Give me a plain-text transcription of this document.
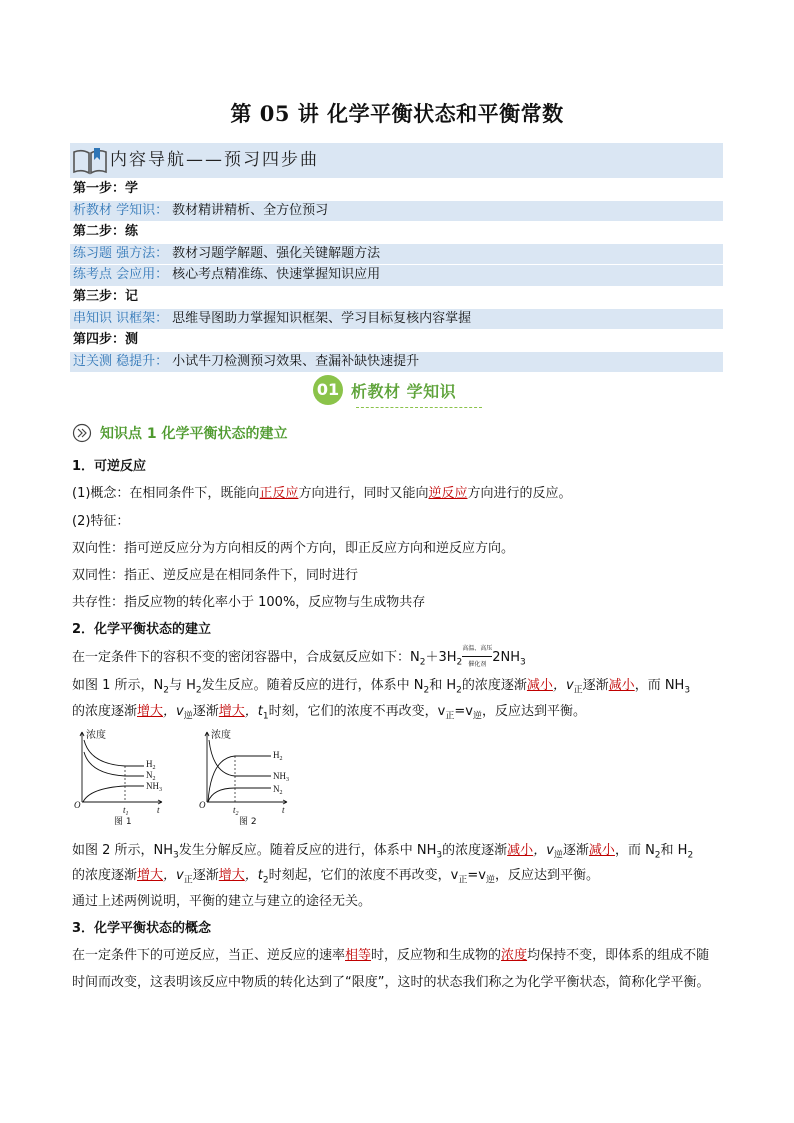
第 05 讲 化学平衡状态和平衡常数
内容导航——预习四步曲
第一步：学
析教材 学知识： 教材精讲精析、全方位预习
第二步：练
练习题 强方法： 教材习题学解题、强化关键解题方法
练考点 会应用： 核心考点精准练、快速掌握知识应用
第三步：记
串知识 识框架： 思维导图助力掌握知识框架、学习目标复核内容掌握
第四步：测
过关测 稳提升： 小试牛刀检测预习效果、查漏补缺快速提升
01 析教材 学知识
知识点 1 化学平衡状态的建立
1．可逆反应
(1)概念：在相同条件下，既能向正反应方向进行，同时又能向逆反应方向进行的反应。
(2)特征：
双向性：指可逆反应分为方向相反的两个方向，即正反应方向和逆反应方向。
双同性：指正、逆反应是在相同条件下，同时进行
共存性：指反应物的转化率小于 100%，反应物与生成物共存
2．化学平衡状态的建立
在一定条件下的容积不变的密闭容器中，合成氨反应如下：$N_2+3H_2$
高温、高压
催化剂 $2NH_3$
如图 1 所示，$N_2$与 $H_2$发生反应。随着反应的进行，体系中 $N_2$和 $H_2$的浓度逐渐减小，$v_正$逐渐减小，而 $NH_3$
的浓度逐渐增大，$v_逆$逐渐增大，$t_1$时刻，它们的浓度不再改变，$v_正=v_逆$，反应达到平衡。
浓度
O	t
$t_1$
$H_2$
$N_2$
$NH_3$
图 1
浓度
O	t
$t_2$
$H_2$
$NH_3$
$N_2$
图 2
如图 2 所示，$NH_3$发生分解反应。随着反应的进行，体系中 $NH_3$的浓度逐渐减小，$v_逆$逐渐减小，而 $N_2$和 $H_2$
的浓度逐渐增大，$v_正$逐渐增大，$t_2$时刻起，它们的浓度不再改变，$v_正=v_逆$，反应达到平衡。
通过上述两例说明，平衡的建立与建立的途径无关。
3．化学平衡状态的概念
在一定条件下的可逆反应，当正、逆反应的速率相等时，反应物和生成物的浓度均保持不变，即体系的组成不随时间而改变，这表明该反应中物质的转化达到了“限度”，这时的状态我们称之为化学平衡状态，简称化学平衡。
